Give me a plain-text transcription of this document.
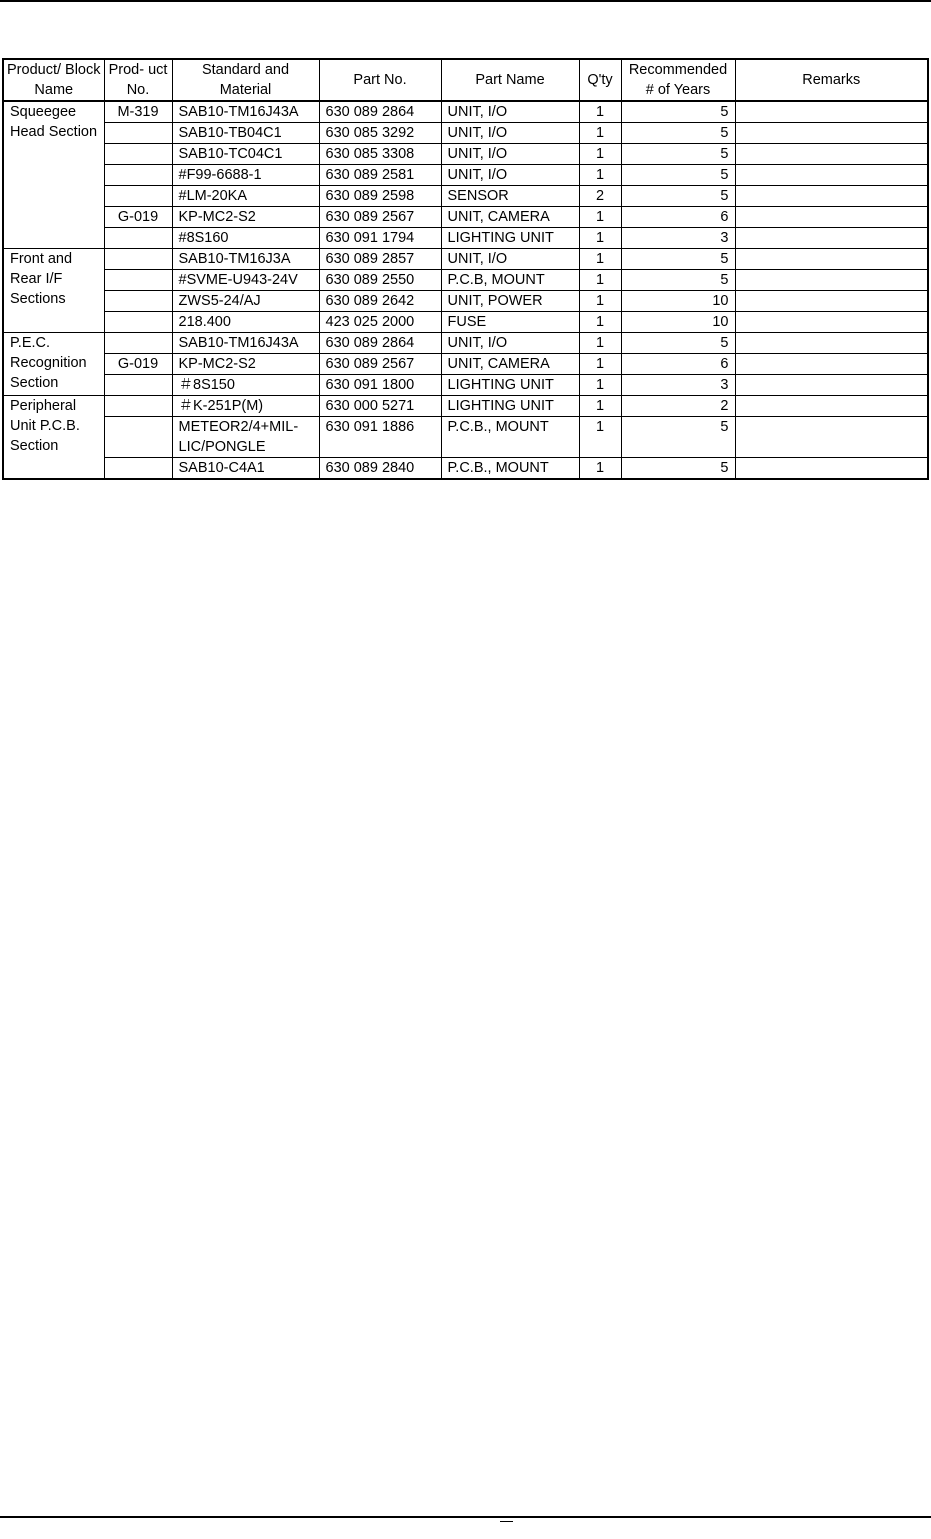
Product/ Block Name	Prod- uct No.	Standard and Material	Part No.	Part Name	Q'ty	Recommended # of Years	Remarks
Squeegee Head Section	M-319	SAB10-TM16J43A	630 089 2864	UNIT, I/O	1	5	
		SAB10-TB04C1	630 085 3292	UNIT, I/O	1	5	
		SAB10-TC04C1	630 085 3308	UNIT, I/O	1	5	
		#F99-6688-1	630 089 2581	UNIT, I/O	1	5	
		#LM-20KA	630 089 2598	SENSOR	2	5	
	G-019	KP-MC2-S2	630 089 2567	UNIT, CAMERA	1	6	
		#8S160	630 091 1794	LIGHTING UNIT	1	3	
Front and Rear I/F Sections		SAB10-TM16J3A	630 089 2857	UNIT, I/O	1	5	
		#SVME-U943-24V	630 089 2550	P.C.B, MOUNT	1	5	
		ZWS5-24/AJ	630 089 2642	UNIT, POWER	1	10	
		218.400	423 025 2000	FUSE	1	10	
P.E.C. Recognition Section		SAB10-TM16J43A	630 089 2864	UNIT, I/O	1	5	
	G-019	KP-MC2-S2	630 089 2567	UNIT, CAMERA	1	6	
		＃8S150	630 091 1800	LIGHTING UNIT	1	3	
Peripheral Unit P.C.B. Section		＃K-251P(M)	630 000 5271	LIGHTING UNIT	1	2	
		METEOR2/4+MIL-LIC/PONGLE	630 091 1886	P.C.B., MOUNT	1	5	
		SAB10-C4A1	630 089 2840	P.C.B., MOUNT	1	5	
